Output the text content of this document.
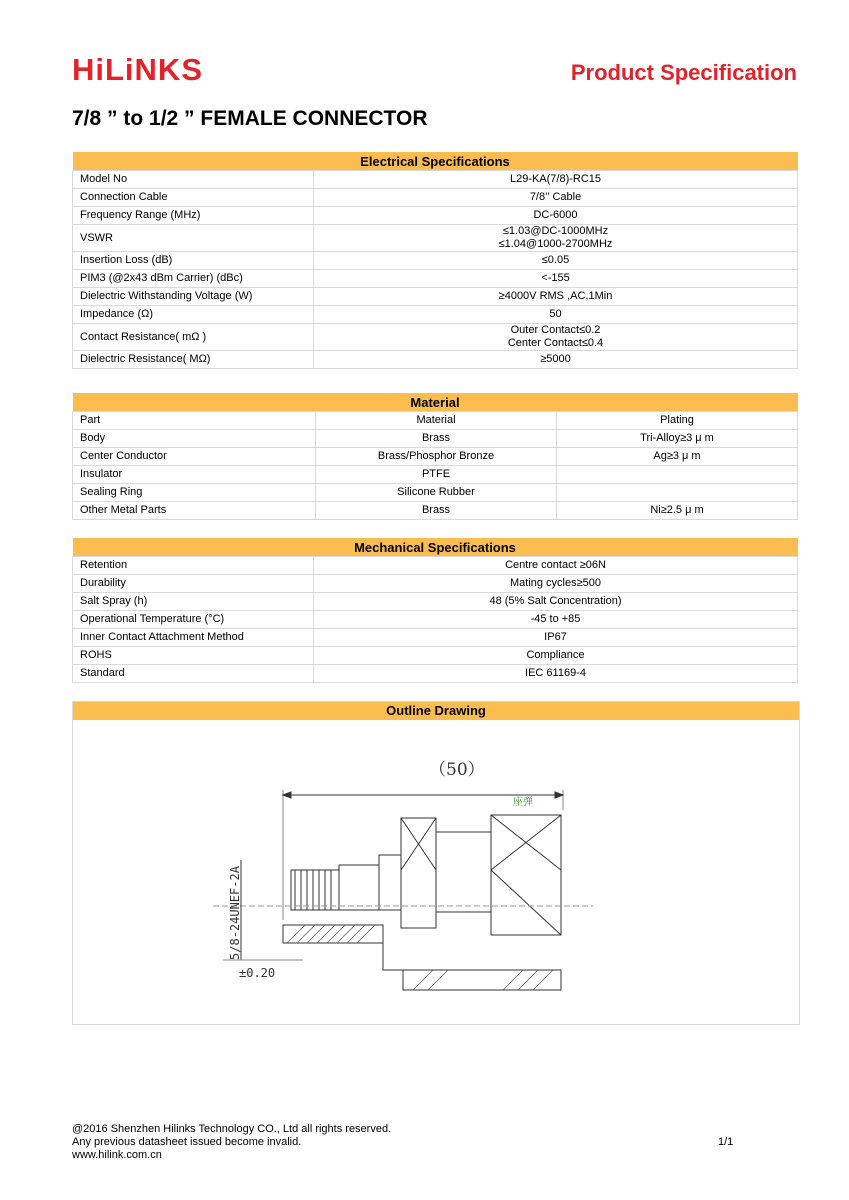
HiLiNKS	Product Specification
7/8 ” to 1/2 ” FEMALE CONNECTOR
Electrical Specifications	
Model No	L29-KA(7/8)-RC15
Connection Cable	7/8’’ Cable
Frequency Range (MHz)	DC-6000
VSWR	≤1.03@DC-1000MHz
≤1.04@1000-2700MHz

Insertion Loss (dB)	≤0.05
PIM3 (@2x43 dBm Carrier) (dBc)	<-155
Dielectric Withstanding Voltage (W)	≥4000V RMS ,AC,1Min
Impedance (Ω)	50
Contact Resistance( mΩ )	Outer Contact≤0.2
Center Contact≤0.4

Dielectric Resistance( MΩ)	≥5000
Material		
Part	Material	Plating
Body	Brass	Tri-Alloy≥3 μ m
Center Conductor	Brass/Phosphor Bronze	Ag≥3 μ m
Insulator	PTFE	
Sealing Ring	Silicone Rubber	
Other Metal Parts	Brass	Ni≥2.5 μ m
Mechanical Specifications	
Retention	Centre contact ≥06N
Durability	Mating cycles≥500
Salt Spray (h)	48 (5% Salt Concentration)
Operational Temperature (°C)	-45 to +85
Inner Contact Attachment Method	IP67
ROHS	Compliance
Standard	IEC 61169-4
Outline Drawing
（50）
座弹
5/8-24UNEF-2A
±0.20
@2016 Shenzhen Hilinks Technology CO., Ltd all rights reserved.
Any previous datasheet issued become invalid.
www.hilink.com.cn
1/1
